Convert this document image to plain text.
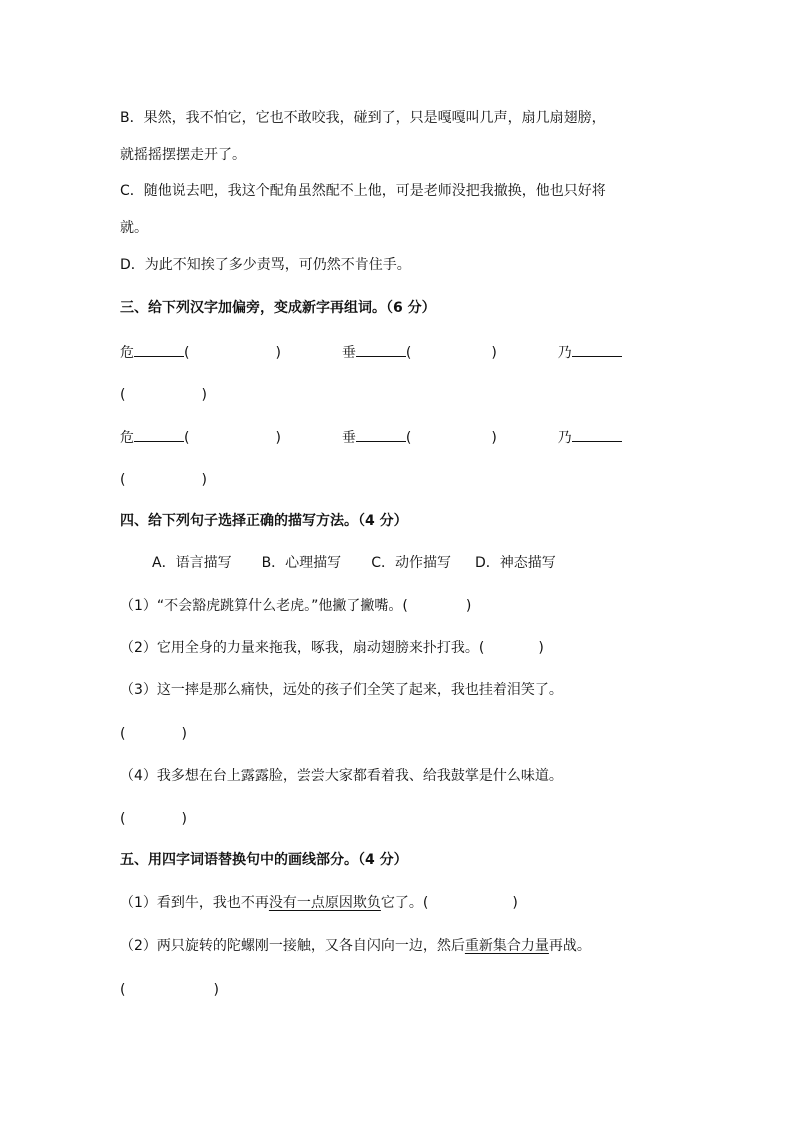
B．果然，我不怕它，它也不敢咬我，碰到了，只是嘎嘎叫几声，扇几扇翅膀，
就摇摇摆摆走开了。
C．随他说去吧，我这个配角虽然配不上他，可是老师没把我撤换，他也只好将
就。
D．为此不知挨了多少责骂，可仍然不肯住手。
三、给下列汉字加偏旁，变成新字再组词。（6 分）
危	(	)	垂	(	)	乃
(	)
危	(	)	垂	(	)	乃
(	)
四、给下列句子选择正确的描写方法。（4 分）
A．语言描写 B．心理描写 C．动作描写 D．神态描写
（1）“不会豁虎跳算什么老虎。”他撇了撇嘴。(	)
（2）它用全身的力量来拖我，啄我，扇动翅膀来扑打我。(	)
（3）这一摔是那么痛快，远处的孩子们全笑了起来，我也挂着泪笑了。
(	)
（4）我多想在台上露露脸，尝尝大家都看着我、给我鼓掌是什么味道。
(	)
五、用四字词语替换句中的画线部分。（4 分）
（1）看到牛，我也不再没有一点原因欺负它了。(	)
（2）两只旋转的陀螺刚一接触，又各自闪向一边，然后重新集合力量再战。
(	)
